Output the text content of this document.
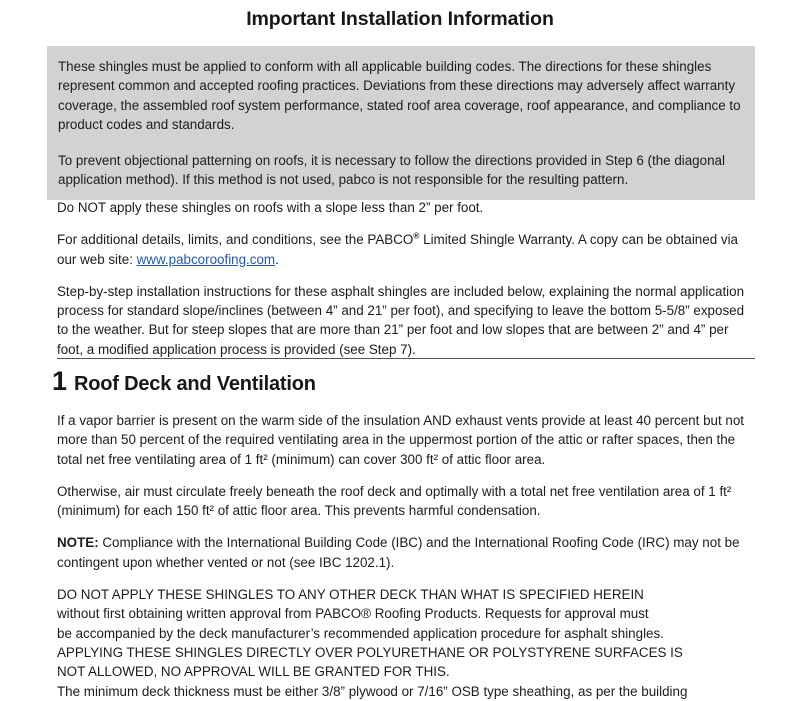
Important Installation Information

These shingles must be applied to conform with all applicable building codes. The directions for these shingles represent common and accepted roofing practices. Deviations from these directions may adversely affect warranty coverage, the assembled roof system performance, stated roof area coverage, roof appearance, and compliance to product codes and standards.

To prevent objectional patterning on roofs, it is necessary to follow the directions provided in Step 6 (the diagonal application method). If this method is not used, pabco is not responsible for the resulting pattern.

Do NOT apply these shingles on roofs with a slope less than 2” per foot.

For additional details, limits, and conditions, see the PABCO® Limited Shingle Warranty. A copy can be obtained via our web site: www.pabcoroofing.com.

Step-by-step installation instructions for these asphalt shingles are included below, explaining the normal application process for standard slope/inclines (between 4” and 21” per foot), and specifying to leave the bottom 5-5/8” exposed to the weather. But for steep slopes that are more than 21” per foot and low slopes that are between 2” and 4” per foot, a modified application process is provided (see Step 7).

1 Roof Deck and Ventilation

If a vapor barrier is present on the warm side of the insulation AND exhaust vents provide at least 40 percent but not more than 50 percent of the required ventilating area in the uppermost portion of the attic or rafter spaces, then the total net free ventilating area of 1 ft² (minimum) can cover 300 ft² of attic floor area.

Otherwise, air must circulate freely beneath the roof deck and optimally with a total net free ventilation area of 1 ft² (minimum) for each 150 ft² of attic floor area. This prevents harmful condensation.

NOTE: Compliance with the International Building Code (IBC) and the International Roofing Code (IRC) may not be contingent upon whether vented or not (see IBC 1202.1).

DO NOT APPLY THESE SHINGLES TO ANY OTHER DECK THAN WHAT IS SPECIFIED HEREIN
without first obtaining written approval from PABCO® Roofing Products. Requests for approval must
be accompanied by the deck manufacturer’s recommended application procedure for asphalt shingles.
APPLYING THESE SHINGLES DIRECTLY OVER POLYURETHANE OR POLYSTYRENE SURFACES IS
NOT ALLOWED, NO APPROVAL WILL BE GRANTED FOR THIS.

The minimum deck thickness must be either 3/8” plywood or 7/16” OSB type sheathing, as per the building
